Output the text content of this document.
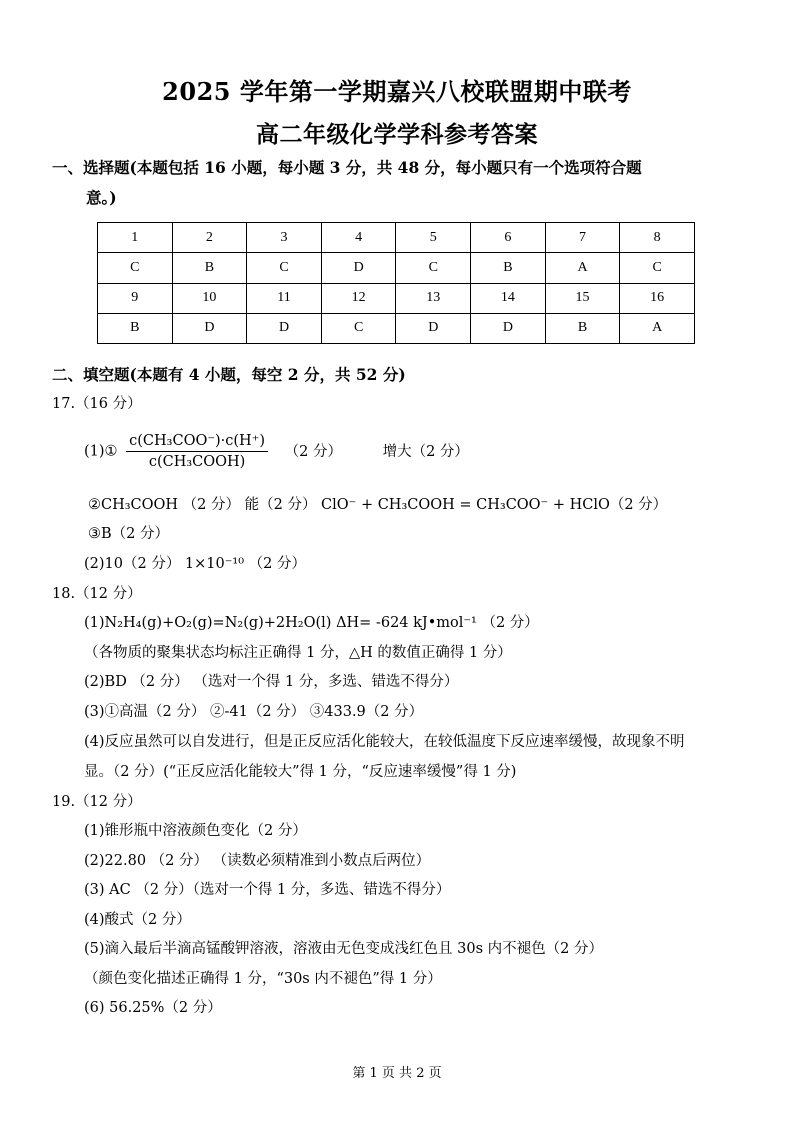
2025 学年第一学期嘉兴八校联盟期中联考
高二年级化学学科参考答案
一、选择题(本题包括 16 小题，每小题 3 分，共 48 分，每小题只有一个选项符合题
意。)
1	2	3	4	5	6	7	8
C	B	C	D	C	B	A	C
9	10	11	12	13	14	15	16
B	D	D	C	D	D	B	A
二、填空题(本题有 4 小题，每空 2 分，共 52 分)
17.（16 分）
(1)① $\frac{\text{c(CH₃COO⁻)·c(H⁺)}}{\text{c(CH₃COOH)}} (2$ 分）	增大（2 分）
②CH₃COOH （2 分） 能（2 分） ClO⁻ + CH₃COOH = CH₃COO⁻ + HClO（2 分）
③B（2 分）
(2)10（2 分） 1×10⁻¹⁰ （2 分）
18.（12 分）
(1)N₂H₄(g)+O₂(g)=N₂(g)+2H₂O(l) ΔH= -624 kJ•mol⁻¹ （2 分）
（各物质的聚集状态均标注正确得 1 分，△H 的数值正确得 1 分）
(2)BD （2 分） （选对一个得 1 分，多选、错选不得分）
(3)①高温（2 分） ②-41（2 分） ③433.9（2 分）
(4)反应虽然可以自发进行，但是正反应活化能较大，在较低温度下反应速率缓慢，故现象不明
显。（2 分）(“正反应活化能较大”得 1 分，“反应速率缓慢”得 1 分)
19.（12 分）
(1)锥形瓶中溶液颜色变化（2 分）
(2)22.80 （2 分） （读数必须精准到小数点后两位）
(3) AC （2 分）（选对一个得 1 分，多选、错选不得分）
(4)酸式（2 分）
(5)滴入最后半滴高锰酸钾溶液，溶液由无色变成浅红色且 30s 内不褪色（2 分）
（颜色变化描述正确得 1 分，“30s 内不褪色”得 1 分）
(6) 56.25%（2 分）
第 1 页 共 2 页
